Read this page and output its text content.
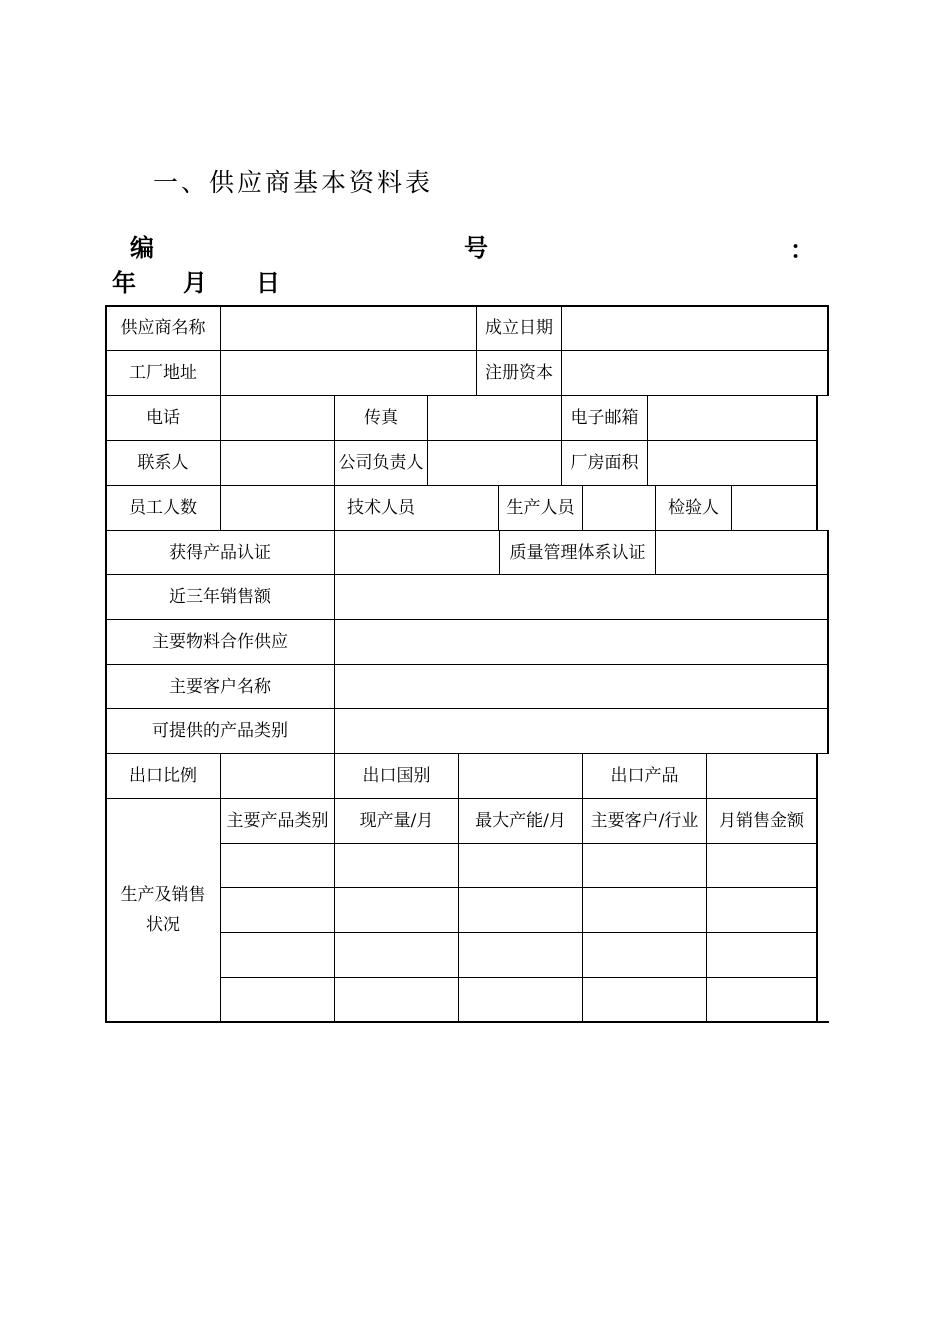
一、供应商基本资料表
编	号	：
年 月 日
供应商名称	成立日期
工厂地址	注册资本
电话	传真	电子邮箱
联系人	公司负责人	厂房面积
员工人数	技术人员	生产人员	检验人
获得产品认证	质量管理体系认证
近三年销售额
主要物料合作供应
主要客户名称
可提供的产品类别
出口比例	出口国别	出口产品
生产及销售状况
主要产品类别	现产量/月	最大产能/月	主要客户/行业	月销售金额
